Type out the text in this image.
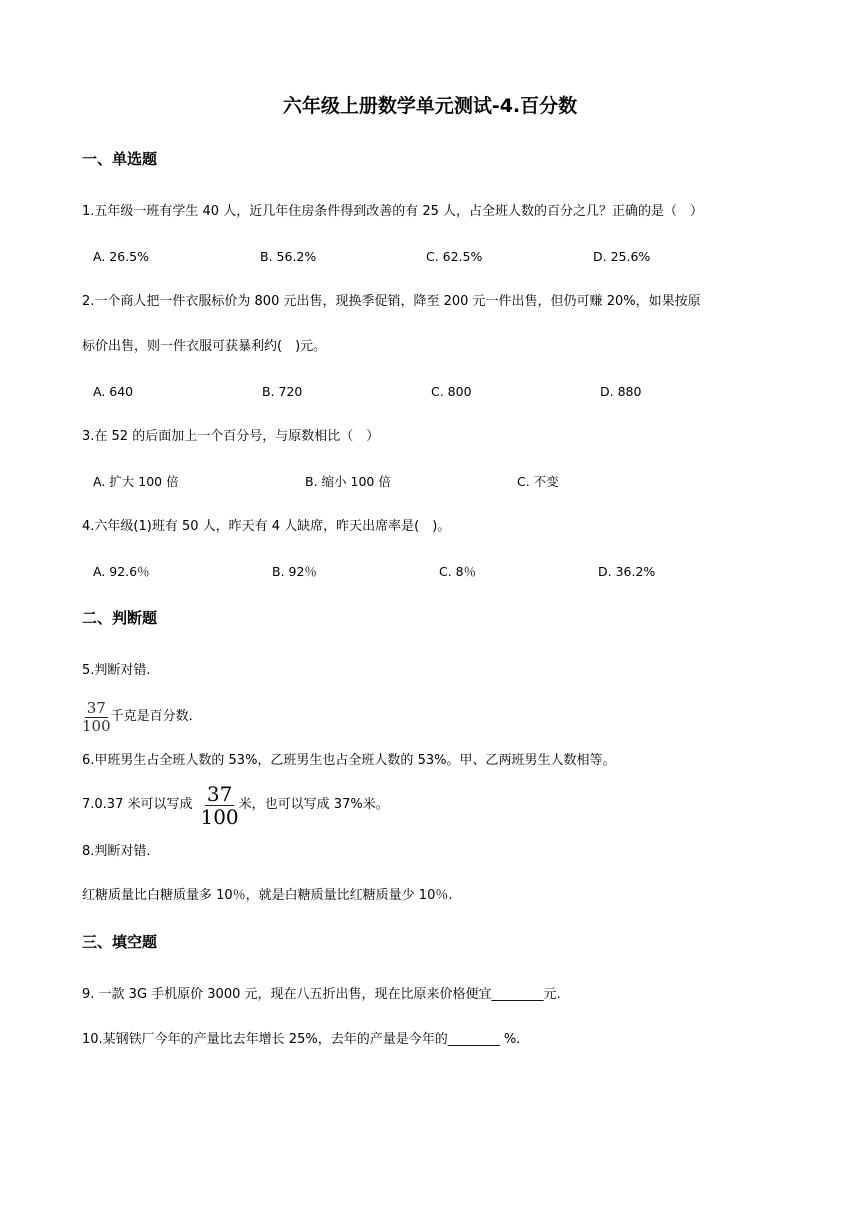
六年级上册数学单元测试-4.百分数
一、单选题
1.五年级一班有学生 40 人，近几年住房条件得到改善的有 25 人，占全班人数的百分之几？正确的是（　）
A. 26.5%	B. 56.2%	C. 62.5%	D. 25.6%
2.一个商人把一件衣服标价为 800 元出售，现换季促销，降至 200 元一件出售，但仍可赚 20%，如果按原
标价出售，则一件衣服可获暴利约(　)元。
A. 640	B. 720	C. 800	D. 880
3.在 52 的后面加上一个百分号，与原数相比（　）
A. 扩大 100 倍	B. 缩小 100 倍	C. 不变
4.六年级(1)班有 50 人，昨天有 4 人缺席，昨天出席率是(　)。
A. 92.6％	B. 92％	C. 8％	D. 36.2%
二、判断题
5.判断对错.
$\frac{37}{100}$ 千克是百分数.
6.甲班男生占全班人数的 53%，乙班男生也占全班人数的 53%。甲、乙两班男生人数相等。
7.0.37 米可以写成 $\frac{37}{100}$ 米，也可以写成 37%米。
8.判断对错.
红糖质量比白糖质量多 10％，就是白糖质量比红糖质量少 10％.
三、填空题
9. 一款 3G 手机原价 3000 元，现在八五折出售，现在比原来价格便宜________元.
10.某钢铁厂今年的产量比去年增长 25%，去年的产量是今年的________ %.
